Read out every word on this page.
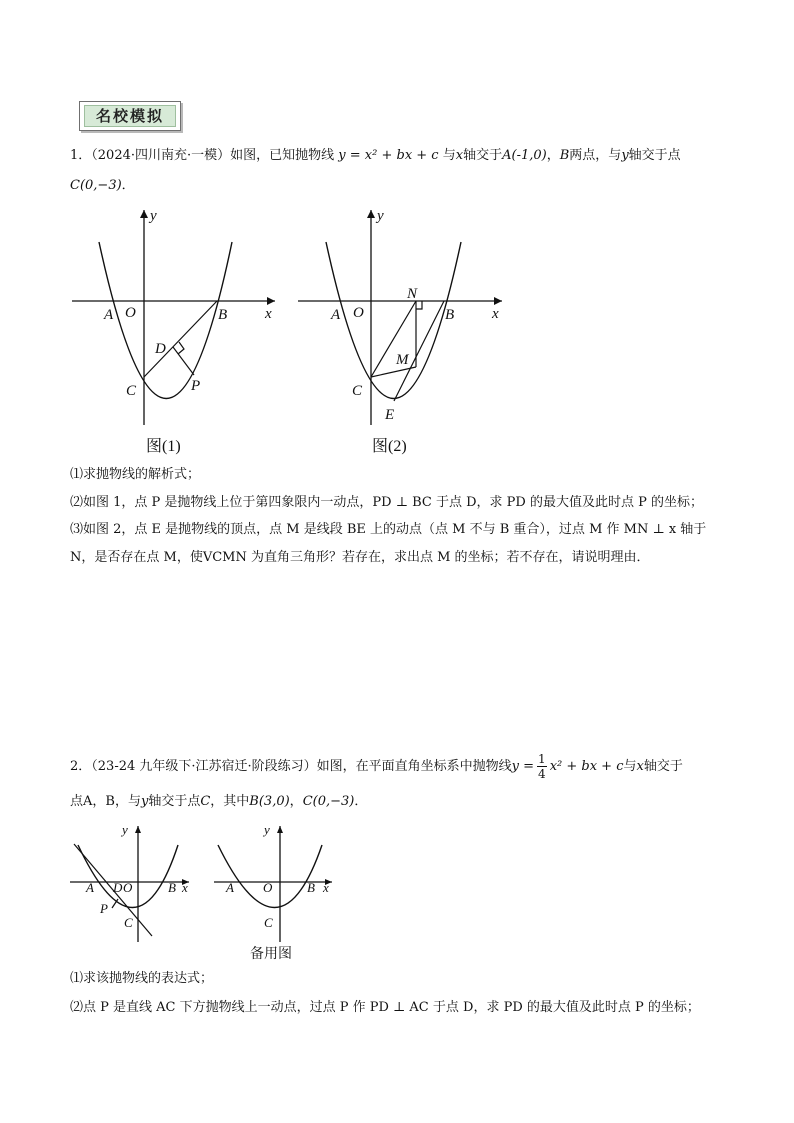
名校模拟
1．（2024·四川南充·一模）如图，已知抛物线 y = x² + bx + c 与x轴交于A(-1,0)，B两点，与y轴交于点
C(0,−3)．
A O	B	x
y
D
C	P
图(1)
A O	B	x
y
N
M
C
E
图(2)
⑴求抛物线的解析式；
⑵如图 1，点 P 是抛物线上位于第四象限内一动点，PD ⊥ BC 于点 D，求 PD 的最大值及此时点 P 的坐标；
⑶如图 2，点 E 是抛物线的顶点，点 M 是线段 BE 上的动点（点 M 不与 B 重合），过点 M 作 MN ⊥ x 轴于
N，是否存在点 M，使VCMN 为直角三角形？若存在，求出点 M 的坐标；若不存在，请说明理由．
2．（23-24 九年级下·江苏宿迁·阶段练习）如图，在平面直角坐标系中抛物线$y = \frac{1}{4} x^2$ + bx + c与x轴交于
点A，B，与y轴交于点C，其中B(3,0)，C(0,−3)．
A D O	B x
y
P
C
A O	B x
y
C
备用图
⑴求该抛物线的表达式；
⑵点 P 是直线 AC 下方抛物线上一动点，过点 P 作 PD ⊥ AC 于点 D，求 PD 的最大值及此时点 P 的坐标；
